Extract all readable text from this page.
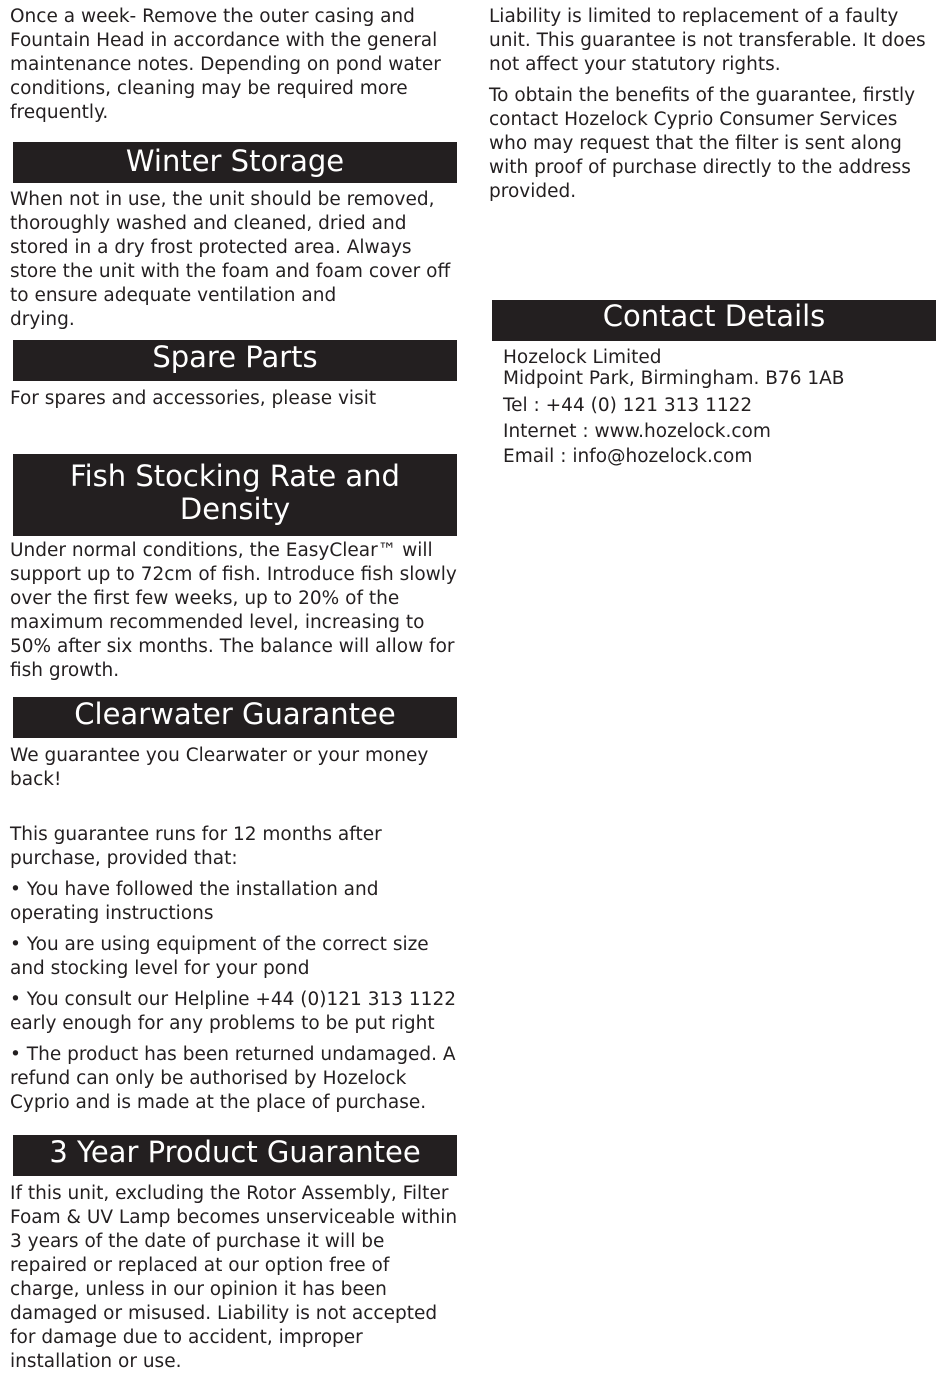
Once a week- Remove the outer casing and Fountain Head in accordance with the general maintenance notes. Depending on pond water conditions, cleaning may be required more frequently.

Winter Storage

When not in use, the unit should be removed, thoroughly washed and cleaned, dried and stored in a dry frost protected area. Always store the unit with the foam and foam cover off to ensure adequate ventilation and
drying.

Spare Parts

For spares and accessories, please visit

Fish Stocking Rate and
Density

Under normal conditions, the EasyClear™ will support up to 72cm of fish. Introduce fish slowly over the first few weeks, up to 20% of the maximum recommended level, increasing to 50% after six months. The balance will allow for fish growth.

Clearwater Guarantee

We guarantee you Clearwater or your money back!

This guarantee runs for 12 months after purchase, provided that:

• You have followed the installation and operating instructions

• You are using equipment of the correct size and stocking level for your pond

• You consult our Helpline +44 (0)121 313 1122 early enough for any problems to be put right

• The product has been returned undamaged. A refund can only be authorised by Hozelock Cyprio and is made at the place of purchase.

3 Year Product Guarantee

If this unit, excluding the Rotor Assembly, Filter Foam & UV Lamp becomes unserviceable within 3 years of the date of purchase it will be repaired or replaced at our option free of charge, unless in our opinion it has been damaged or misused. Liability is not accepted for damage due to accident, improper installation or use.

Liability is limited to replacement of a faulty unit. This guarantee is not transferable. It does not affect your statutory rights.

To obtain the benefits of the guarantee, firstly contact Hozelock Cyprio Consumer Services who may request that the filter is sent along with proof of purchase directly to the address provided.

Contact Details

Hozelock Limited

Midpoint Park, Birmingham. B76 1AB

Tel : +44 (0) 121 313 1122

Internet : www.hozelock.com

Email : info@hozelock.com
